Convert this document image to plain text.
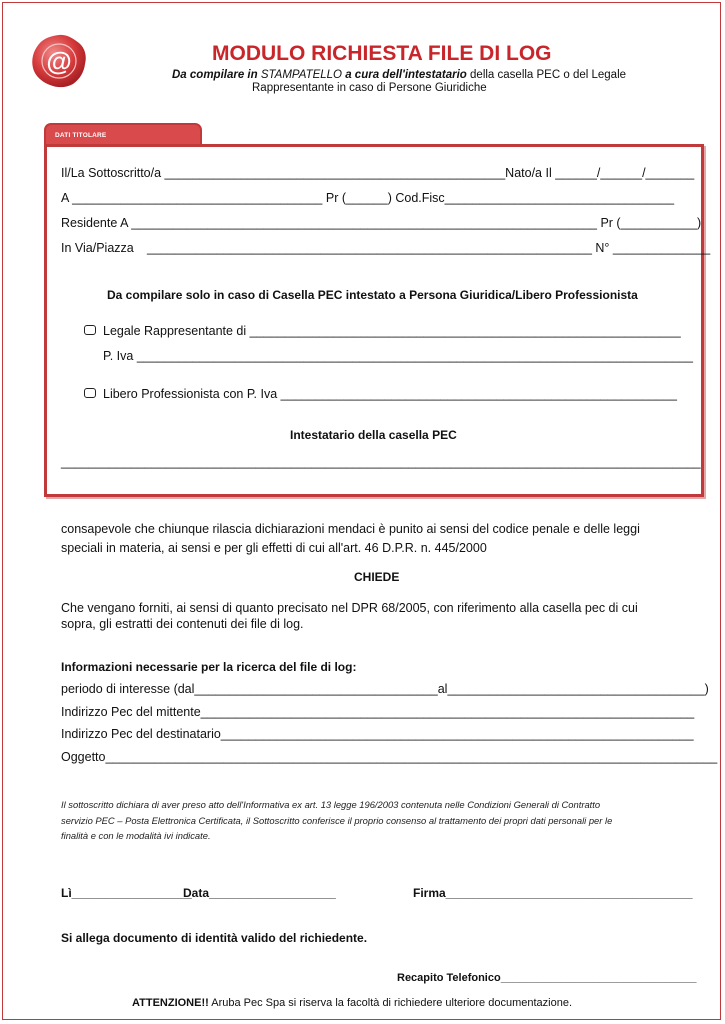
@	MODULO RICHIESTA FILE DI LOG
Da compilare in STAMPATELLO a cura dell'intestatario della casella PEC o del Legale
Rappresentante in caso di Persone Giuridiche
DATI TITOLARE
Il/La Sottoscritto/a _________________________________________________Nato/a Il ______/______/_______
A ____________________________________ Pr (______) Cod.Fisc_________________________________
Residente A ___________________________________________________________________ Pr (___________)
In Via/Piazza ________________________________________________________________ N° ______________
Da compilare solo in caso di Casella PEC intestato a Persona Giuridica/Libero Professionista
Legale Rappresentante di ______________________________________________________________
P. Iva ________________________________________________________________________________
Libero Professionista con P. Iva _________________________________________________________
Intestatario della casella PEC
____________________________________________________________________________________________
consapevole che chiunque rilascia dichiarazioni mendaci è punito ai sensi del codice penale e delle leggi
speciali in materia, ai sensi e per gli effetti di cui all'art. 46 D.P.R. n. 445/2000
CHIEDE
Che vengano forniti, ai sensi di quanto precisato nel DPR 68/2005, con riferimento alla casella pec di cui
sopra, gli estratti dei contenuti dei file di log.
Informazioni necessarie per la ricerca del file di log:
periodo di interesse (dal___________________________________al_____________________________________)
Indirizzo Pec del mittente_______________________________________________________________________
Indirizzo Pec del destinatario____________________________________________________________________
Oggetto________________________________________________________________________________________
Il sottoscritto dichiara di aver preso atto dell'Informativa ex art. 13 legge 196/2003 contenuta nelle Condizioni Generali di Contratto
servizio PEC – Posta Elettronica Certificata, il Sottoscritto conferisce il proprio consenso al trattamento dei propri dati personali per le
finalità e con le modalità ivi indicate.
Lì__________________
Data___________________	Firma_____________________________________
Si allega documento di identità valido del richiedente.
Recapito Telefonico________________________________
ATTENZIONE!! Aruba Pec Spa si riserva la facoltà di richiedere ulteriore documentazione.
